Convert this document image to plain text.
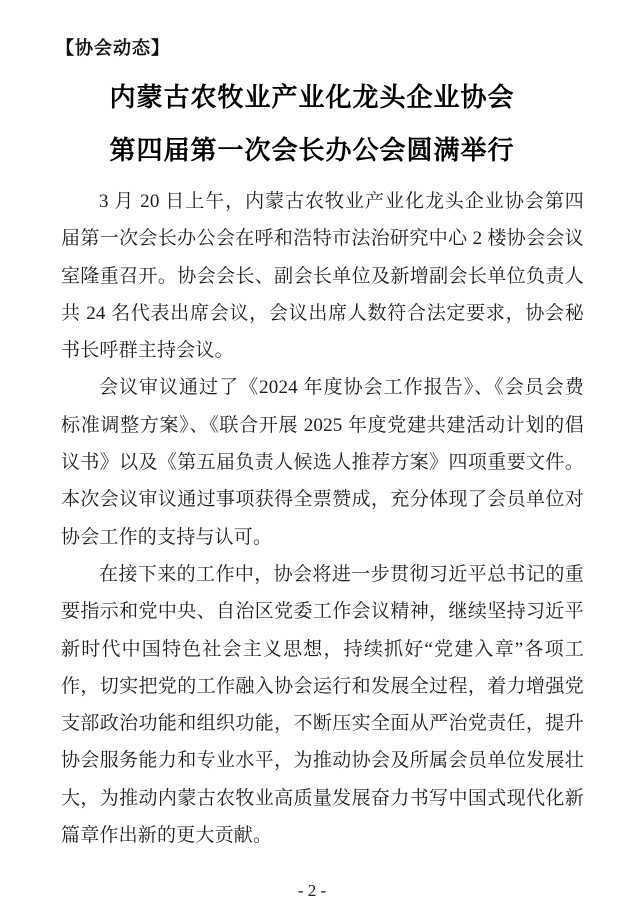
【协会动态】
内蒙古农牧业产业化龙头企业协会
第四届第一次会长办公会圆满举行

3 月 20 日上午，内蒙古农牧业产业化龙头企业协会第四届第一次会长办公会在呼和浩特市法治研究中心 2 楼协会会议室隆重召开。协会会长、副会长单位及新增副会长单位负责人共 24 名代表出席会议，会议出席人数符合法定要求，协会秘书长呼群主持会议。

会议审议通过了《2024 年度协会工作报告》、《会员会费标准调整方案》、《联合开展 2025 年度党建共建活动计划的倡议书》以及《第五届负责人候选人推荐方案》四项重要文件。本次会议审议通过事项获得全票赞成，充分体现了会员单位对协会工作的支持与认可。

在接下来的工作中，协会将进一步贯彻习近平总书记的重要指示和党中央、自治区党委工作会议精神，继续坚持习近平新时代中国特色社会主义思想，持续抓好“党建入章”各项工作，切实把党的工作融入协会运行和发展全过程，着力增强党支部政治功能和组织功能，不断压实全面从严治党责任，提升协会服务能力和专业水平，为推动协会及所属会员单位发展壮大，为推动内蒙古农牧业高质量发展奋力书写中国式现代化新篇章作出新的更大贡献。

- 2 -
